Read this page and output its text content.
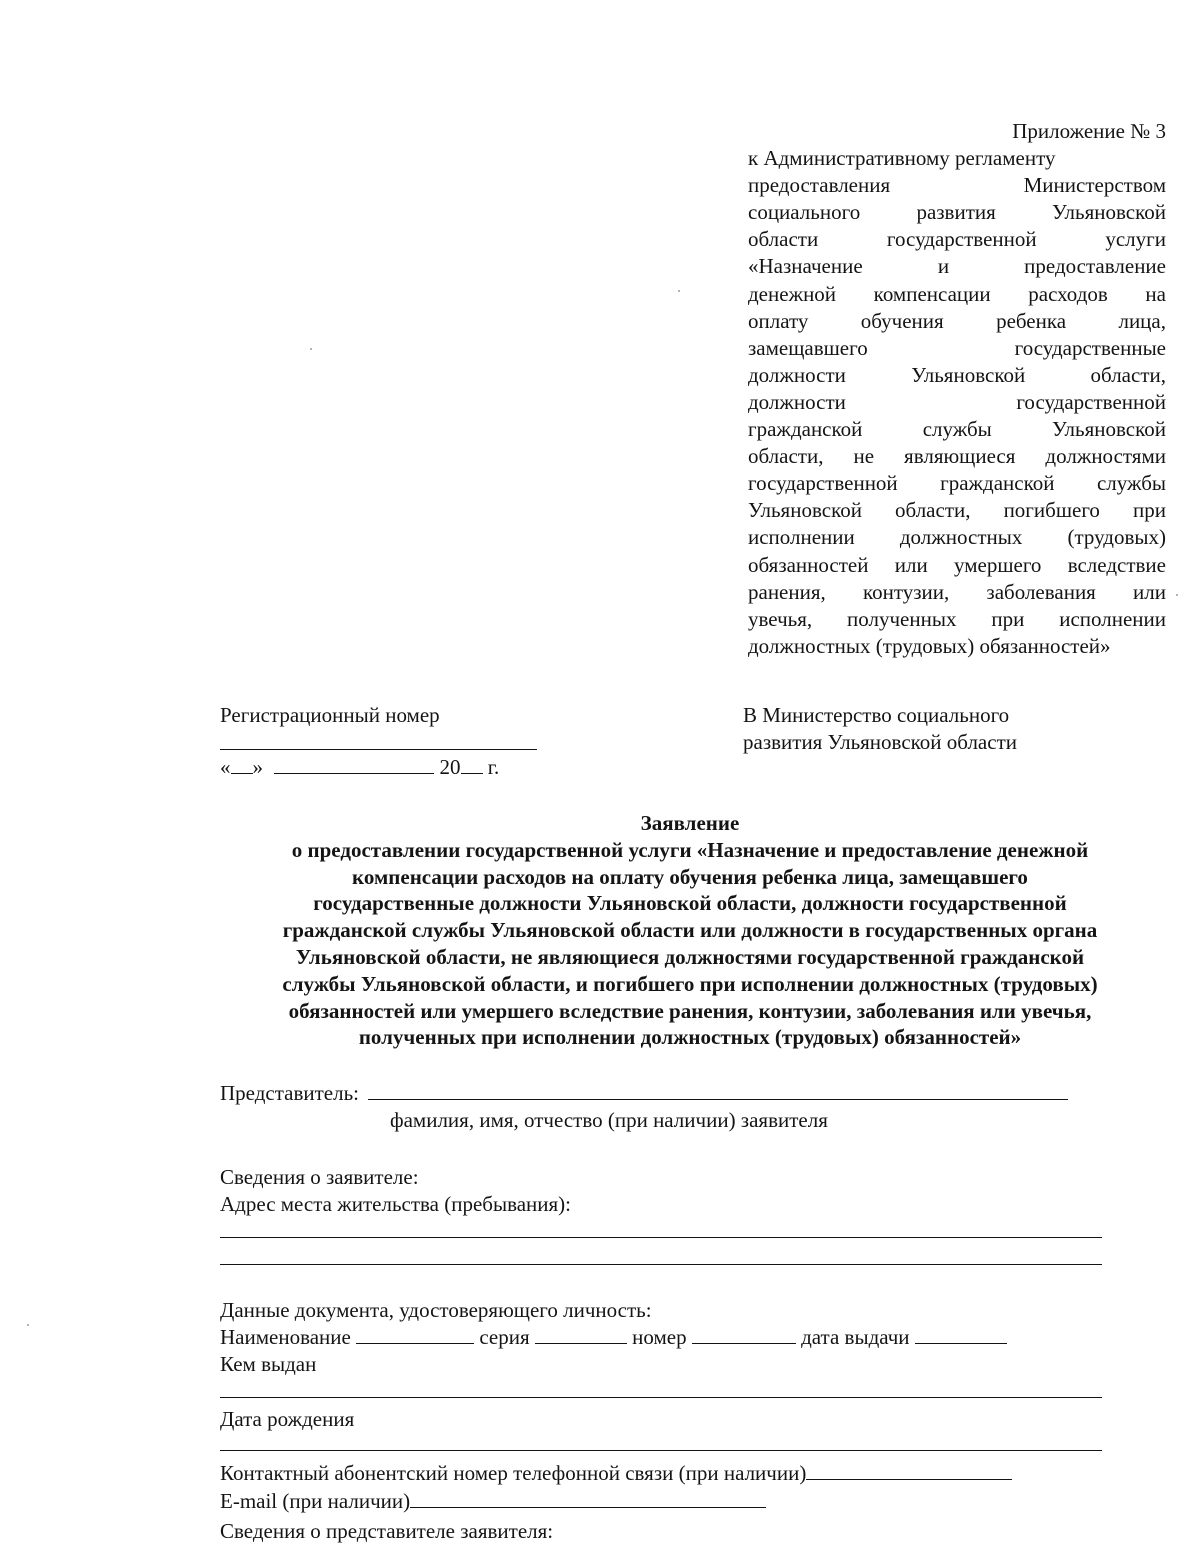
Приложение № 3
к Административному регламенту
предоставления Министерством
социального развития Ульяновской
области государственной услуги
«Назначение и предоставление
денежной компенсации расходов на
оплату обучения ребенка лица,
замещавшего государственные
должности Ульяновской области,
должности государственной
гражданской службы Ульяновской
области, не являющиеся должностями
государственной гражданской службы
Ульяновской области, погибшего при
исполнении должностных (трудовых)
обязанностей или умершего вследствие
ранения, контузии, заболевания или
увечья, полученных при исполнении
должностных (трудовых) обязанностей»
Регистрационный номер
« »	20 г.
В Министерство социального
развития Ульяновской области
Заявление
о предоставлении государственной услуги «Назначение и предоставление денежной
компенсации расходов на оплату обучения ребенка лица, замещавшего
государственные должности Ульяновской области, должности государственной
гражданской службы Ульяновской области или должности в государственных органа
Ульяновской области, не являющиеся должностями государственной гражданской
службы Ульяновской области, и погибшего при исполнении должностных (трудовых)
обязанностей или умершего вследствие ранения, контузии, заболевания или увечья,
полученных при исполнении должностных (трудовых) обязанностей»
Представитель:
фамилия, имя, отчество (при наличии) заявителя
Сведения о заявителе:
Адрес места жительства (пребывания):
Данные документа, удостоверяющего личность:
Наименование	серия	номер	дата выдачи
Кем выдан
Дата рождения
Контактный абонентский номер телефонной связи (при наличии)
E-mail (при наличии)
Сведения о представителе заявителя:
